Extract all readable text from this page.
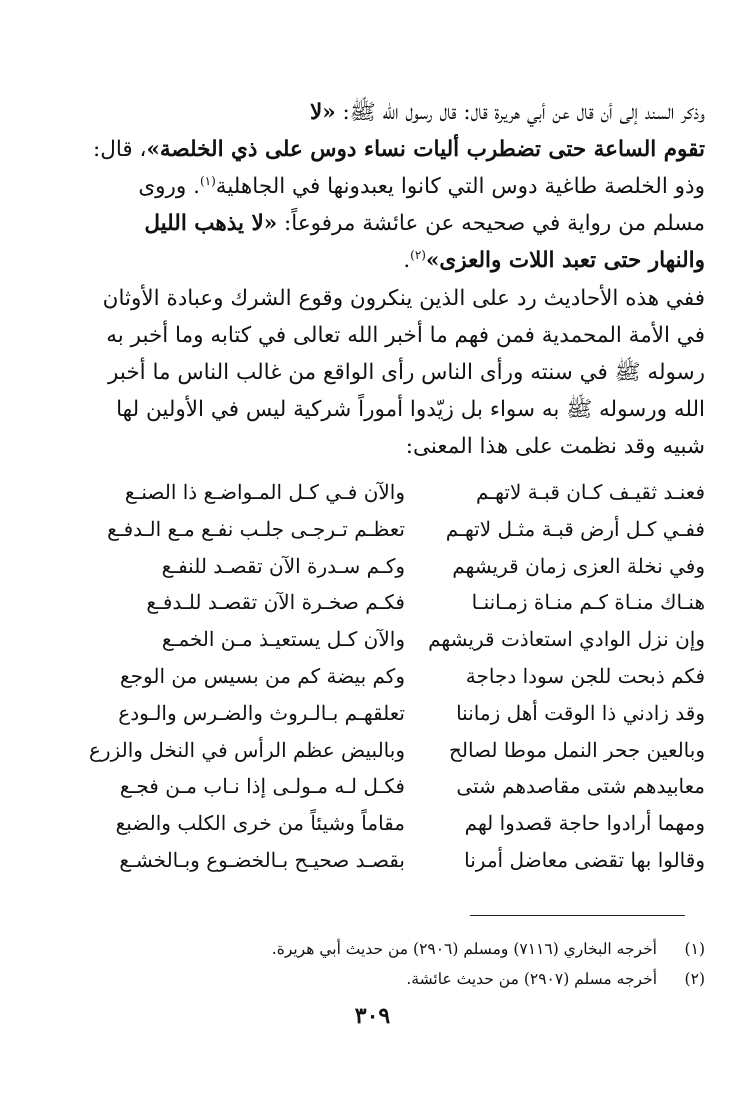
وذكر السند إلى أن قال عن أبي هريرة قال: قال رسول الله ﷺ: «لا

تقوم الساعة حتى تضطرب أليات نساء دوس على ذي الخلصة»، قال:

وذو الخلصة طاغية دوس التي كانوا يعبدونها في الجاهلية$^{(١)}$. وروى

مسلم من رواية في صحيحه عن عائشة مرفوعاً: «لا يذهب الليل

والنهار حتى تعبد اللات والعزى»$^{(٢)}$.

ففي هذه الأحاديث رد على الذين ينكرون وقوع الشرك وعبادة الأوثان

في الأمة المحمدية فمن فهم ما أخبر الله تعالى في كتابه وما أخبر به

رسوله ﷺ في سنته ورأى الناس رأى الواقع من غالب الناس ما أخبر

الله ورسوله ﷺ به سواء بل زيّدوا أموراً شركية ليس في الأولين لها

شبيه وقد نظمت على هذا المعنى:

فعنـد ثقيـف كـان قبـة لاتهـم
والآن فـي كـل المـواضـع ذا الصنـع
ففـي كـل أرض قبـة مثـل لاتهـم
تعظـم تـرجـى جلـب نفـع مـع الـدفـع
وفي نخلة العزى زمان قريشهم
وكـم سـدرة الآن تقصـد للنفـع
هنـاك منـاة كـم منـاة زمـاننـا
فكـم صخـرة الآن تقصـد للـدفـع
وإن نزل الوادي استعاذت قريشهم
والآن كـل يستعيـذ مـن الخمـع
فكم ذبحت للجن سودا دجاجة
وكم بيضة كم من بسيس من الوجع
وقد زادني ذا الوقت أهل زماننا
تعلقهـم بـالـروث والضـرس والـودع
وبالعين جحر النمل موطا لصالح
وبالبيض عظم الرأس في النخل والزرع
معابيدهم شتى مقاصدهم شتى
فكـل لـه مـولـى إذا نـاب مـن فجـع
ومهما أرادوا حاجة قصدوا لهم
مقاماً وشيئاً من خرى الكلب والضبع
وقالوا بها تقضى معاضل أمرنا
بقصـد صحيـح بـالخضـوع وبـالخشـع
(١)أخرجه البخاري (٧١١٦) ومسلم (٢٩٠٦) من حديث أبي هريرة.
(٢)أخرجه مسلم (٢٩٠٧) من حديث عائشة.
٣٠٩
